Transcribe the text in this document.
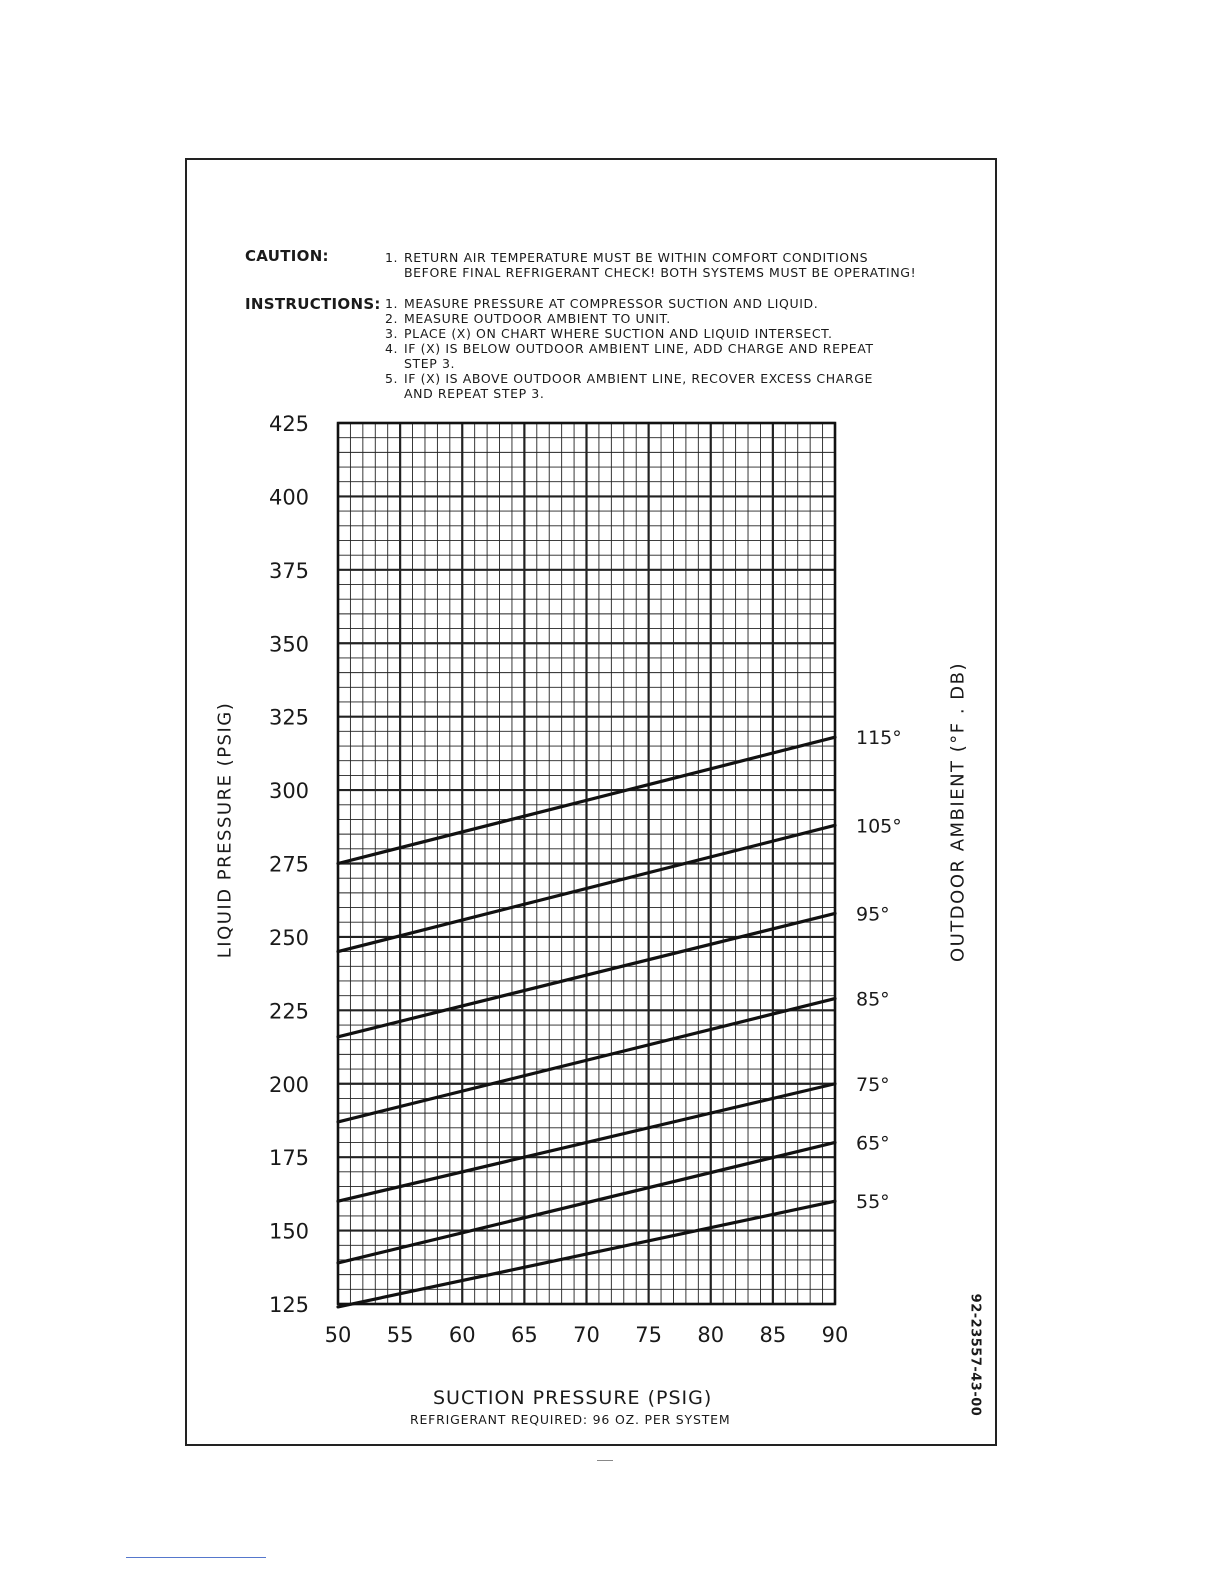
CAUTION:	1. RETURN AIR TEMPERATURE MUST BE WITHIN COMFORT CONDITIONS
BEFORE FINAL REFRIGERANT CHECK! BOTH SYSTEMS MUST BE OPERATING!
INSTRUCTIONS: 1. MEASURE PRESSURE AT COMPRESSOR SUCTION AND LIQUID.
2. MEASURE OUTDOOR AMBIENT TO UNIT.
3. PLACE (X) ON CHART WHERE SUCTION AND LIQUID INTERSECT.
4. IF (X) IS BELOW OUTDOOR AMBIENT LINE, ADD CHARGE AND REPEAT
STEP 3.
5. IF (X) IS ABOVE OUTDOOR AMBIENT LINE, RECOVER EXCESS CHARGE
AND REPEAT STEP 3.
LIQUID PRESSURE (PSIG)	OUTDOOR AMBIENT (°F . DB)
425
400
375
350
325
300
275
250
225
200
175
150
125
50 55 60 65 70 75 80 85 90
115°
105°
95°
85°
75°
65°
55°
SUCTION PRESSURE (PSIG)
REFRIGERANT REQUIRED: 96 OZ. PER SYSTEM
92-23557-43-00
